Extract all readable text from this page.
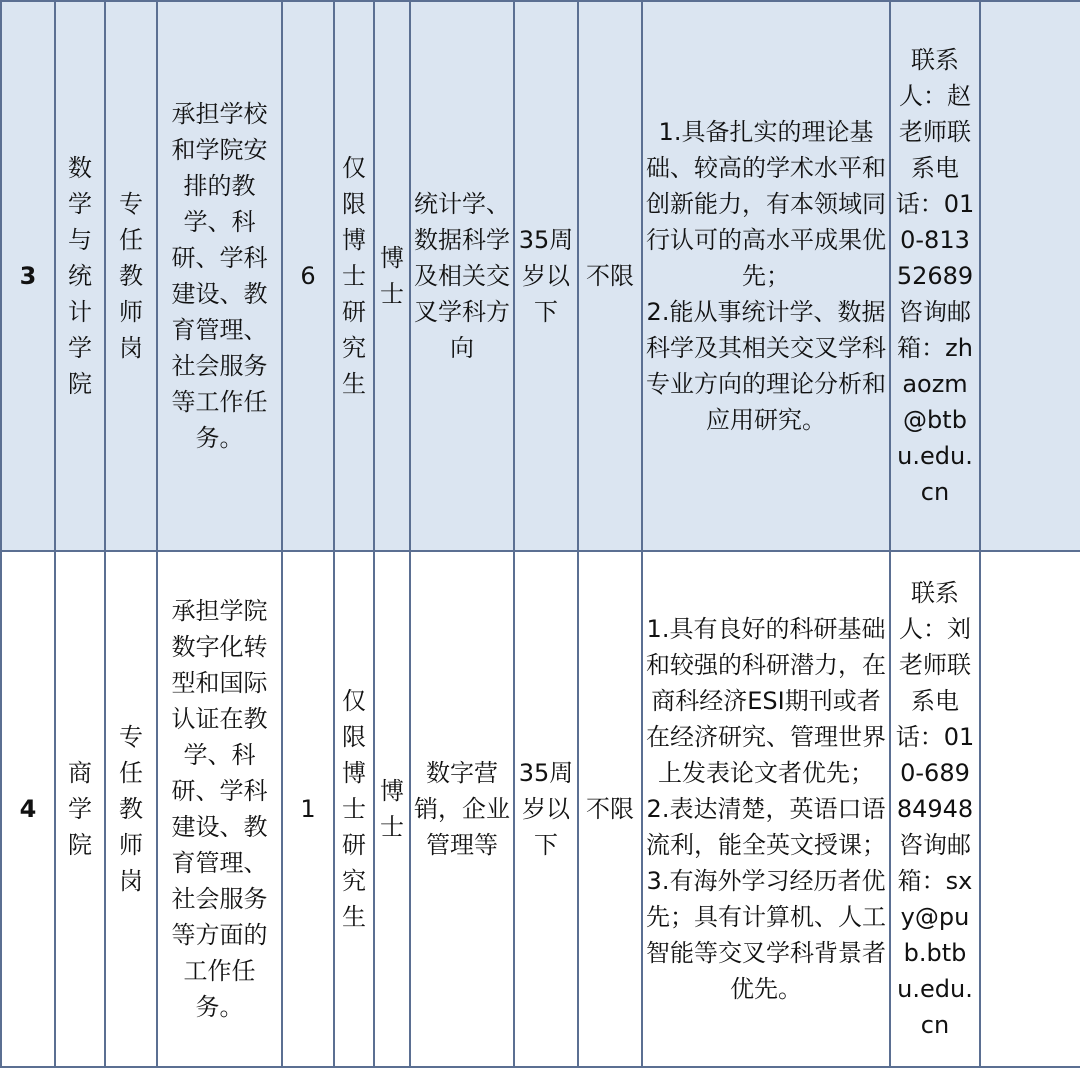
3	数学与统计学院	专任教师岗	承担学校和学院安排的教学、科研、学科建设、教育管理、社会服务等工作任务。	6	仅限博士研究生	博士	统计学、数据科学及相关交叉学科方向	35周岁以下	不限	1.具备扎实的理论基础、较高的学术水平和创新能力，有本领域同行认可的高水平成果优先；
2.能从事统计学、数据科学及其相关交叉学科专业方向的理论分析和应用研究。	联系人：赵老师联系电话：010-81352689咨询邮箱：zhaozm@btbu.edu.cn	
4	商学院	专任教师岗	承担学院数字化转型和国际认证在教学、科研、学科建设、教育管理、社会服务等方面的工作任务。	1	仅限博士研究生	博士	数字营销，企业管理等	35周岁以下	不限	1.具有良好的科研基础和较强的科研潜力，在商科经济ESI期刊或者在经济研究、管理世界上发表论文者优先；
2.表达清楚，英语口语流利，能全英文授课；
3.有海外学习经历者优先；具有计算机、人工智能等交叉学科背景者优先。	联系人：刘老师联系电话：010-68984948咨询邮箱：sxy@pub.btbu.edu.cn	
